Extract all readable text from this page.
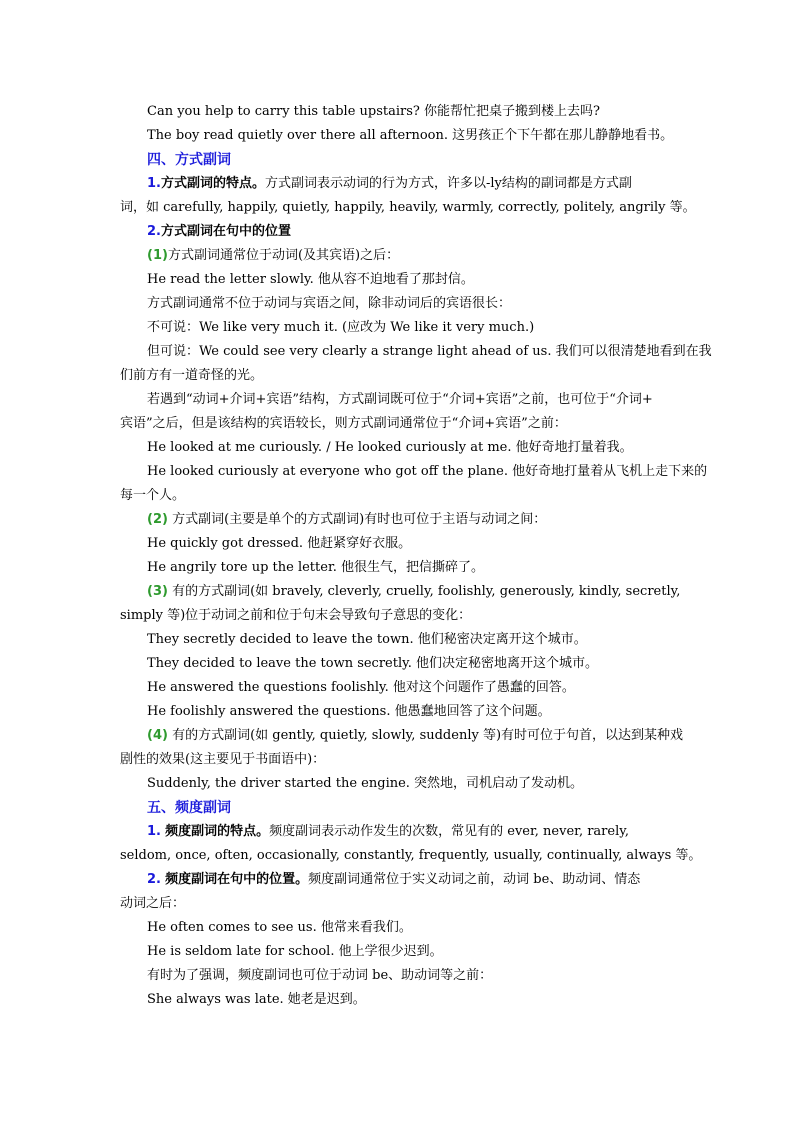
Can you help to carry this table upstairs? 你能帮忙把桌子搬到楼上去吗?
The boy read quietly over there all afternoon. 这男孩正个下午都在那儿静静地看书。
四、方式副词
1.方式副词的特点。方式副词表示动词的行为方式，许多以-ly结构的副词都是方式副
词，如 carefully, happily, quietly, happily, heavily, warmly, correctly, politely, angrily 等。
2.方式副词在句中的位置
(1)方式副词通常位于动词(及其宾语)之后：
He read the letter slowly. 他从容不迫地看了那封信。
方式副词通常不位于动词与宾语之间，除非动词后的宾语很长：
不可说：We like very much it. (应改为 We like it very much.)
但可说：We could see very clearly a strange light ahead of us. 我们可以很清楚地看到在我
们前方有一道奇怪的光。
若遇到“动词+介词+宾语”结构，方式副词既可位于“介词+宾语”之前，也可位于“介词+
宾语”之后，但是该结构的宾语较长，则方式副词通常位于“介词+宾语”之前：
He looked at me curiously. / He looked curiously at me. 他好奇地打量着我。
He looked curiously at everyone who got off the plane. 他好奇地打量着从飞机上走下来的
每一个人。
(2) 方式副词(主要是单个的方式副词)有时也可位于主语与动词之间：
He quickly got dressed. 他赶紧穿好衣服。
He angrily tore up the letter. 他很生气，把信撕碎了。
(3) 有的方式副词(如 bravely, cleverly, cruelly, foolishly, generously, kindly, secretly,
simply 等)位于动词之前和位于句末会导致句子意思的变化：
They secretly decided to leave the town. 他们秘密决定离开这个城市。
They decided to leave the town secretly. 他们决定秘密地离开这个城市。
He answered the questions foolishly. 他对这个问题作了愚蠢的回答。
He foolishly answered the questions. 他愚蠢地回答了这个问题。
(4) 有的方式副词(如 gently, quietly, slowly, suddenly 等)有时可位于句首，以达到某种戏
剧性的效果(这主要见于书面语中)：
Suddenly, the driver started the engine. 突然地，司机启动了发动机。
五、频度副词
1. 频度副词的特点。频度副词表示动作发生的次数，常见有的 ever, never, rarely,
seldom, once, often, occasionally, constantly, frequently, usually, continually, always 等。
2. 频度副词在句中的位置。频度副词通常位于实义动词之前，动词 be、助动词、情态
动词之后：
He often comes to see us. 他常来看我们。
He is seldom late for school. 他上学很少迟到。
有时为了强调，频度副词也可位于动词 be、助动词等之前：
She always was late. 她老是迟到。
